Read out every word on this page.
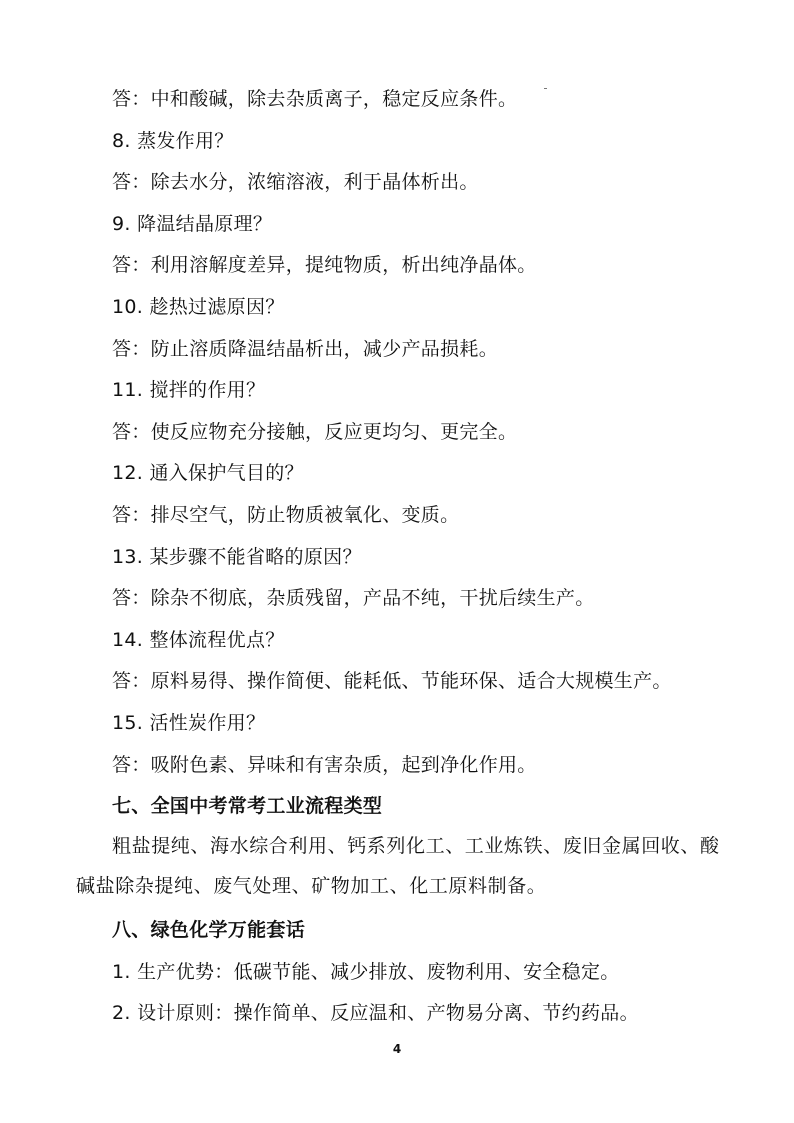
答：中和酸碱，除去杂质离子，稳定反应条件。
8. 蒸发作用？
答：除去水分，浓缩溶液，利于晶体析出。
9. 降温结晶原理？
答：利用溶解度差异，提纯物质，析出纯净晶体。
10. 趁热过滤原因？
答：防止溶质降温结晶析出，减少产品损耗。
11. 搅拌的作用？
答：使反应物充分接触，反应更均匀、更完全。
12. 通入保护气目的？
答：排尽空气，防止物质被氧化、变质。
13. 某步骤不能省略的原因？
答：除杂不彻底，杂质残留，产品不纯，干扰后续生产。
14. 整体流程优点？
答：原料易得、操作简便、能耗低、节能环保、适合大规模生产。
15. 活性炭作用？
答：吸附色素、异味和有害杂质，起到净化作用。
七、全国中考常考工业流程类型
粗盐提纯、海水综合利用、钙系列化工、工业炼铁、废旧金属回收、酸碱盐除杂提纯、废气处理、矿物加工、化工原料制备。
八、绿色化学万能套话
1. 生产优势：低碳节能、减少排放、废物利用、安全稳定。
2. 设计原则：操作简单、反应温和、产物易分离、节约药品。
4
